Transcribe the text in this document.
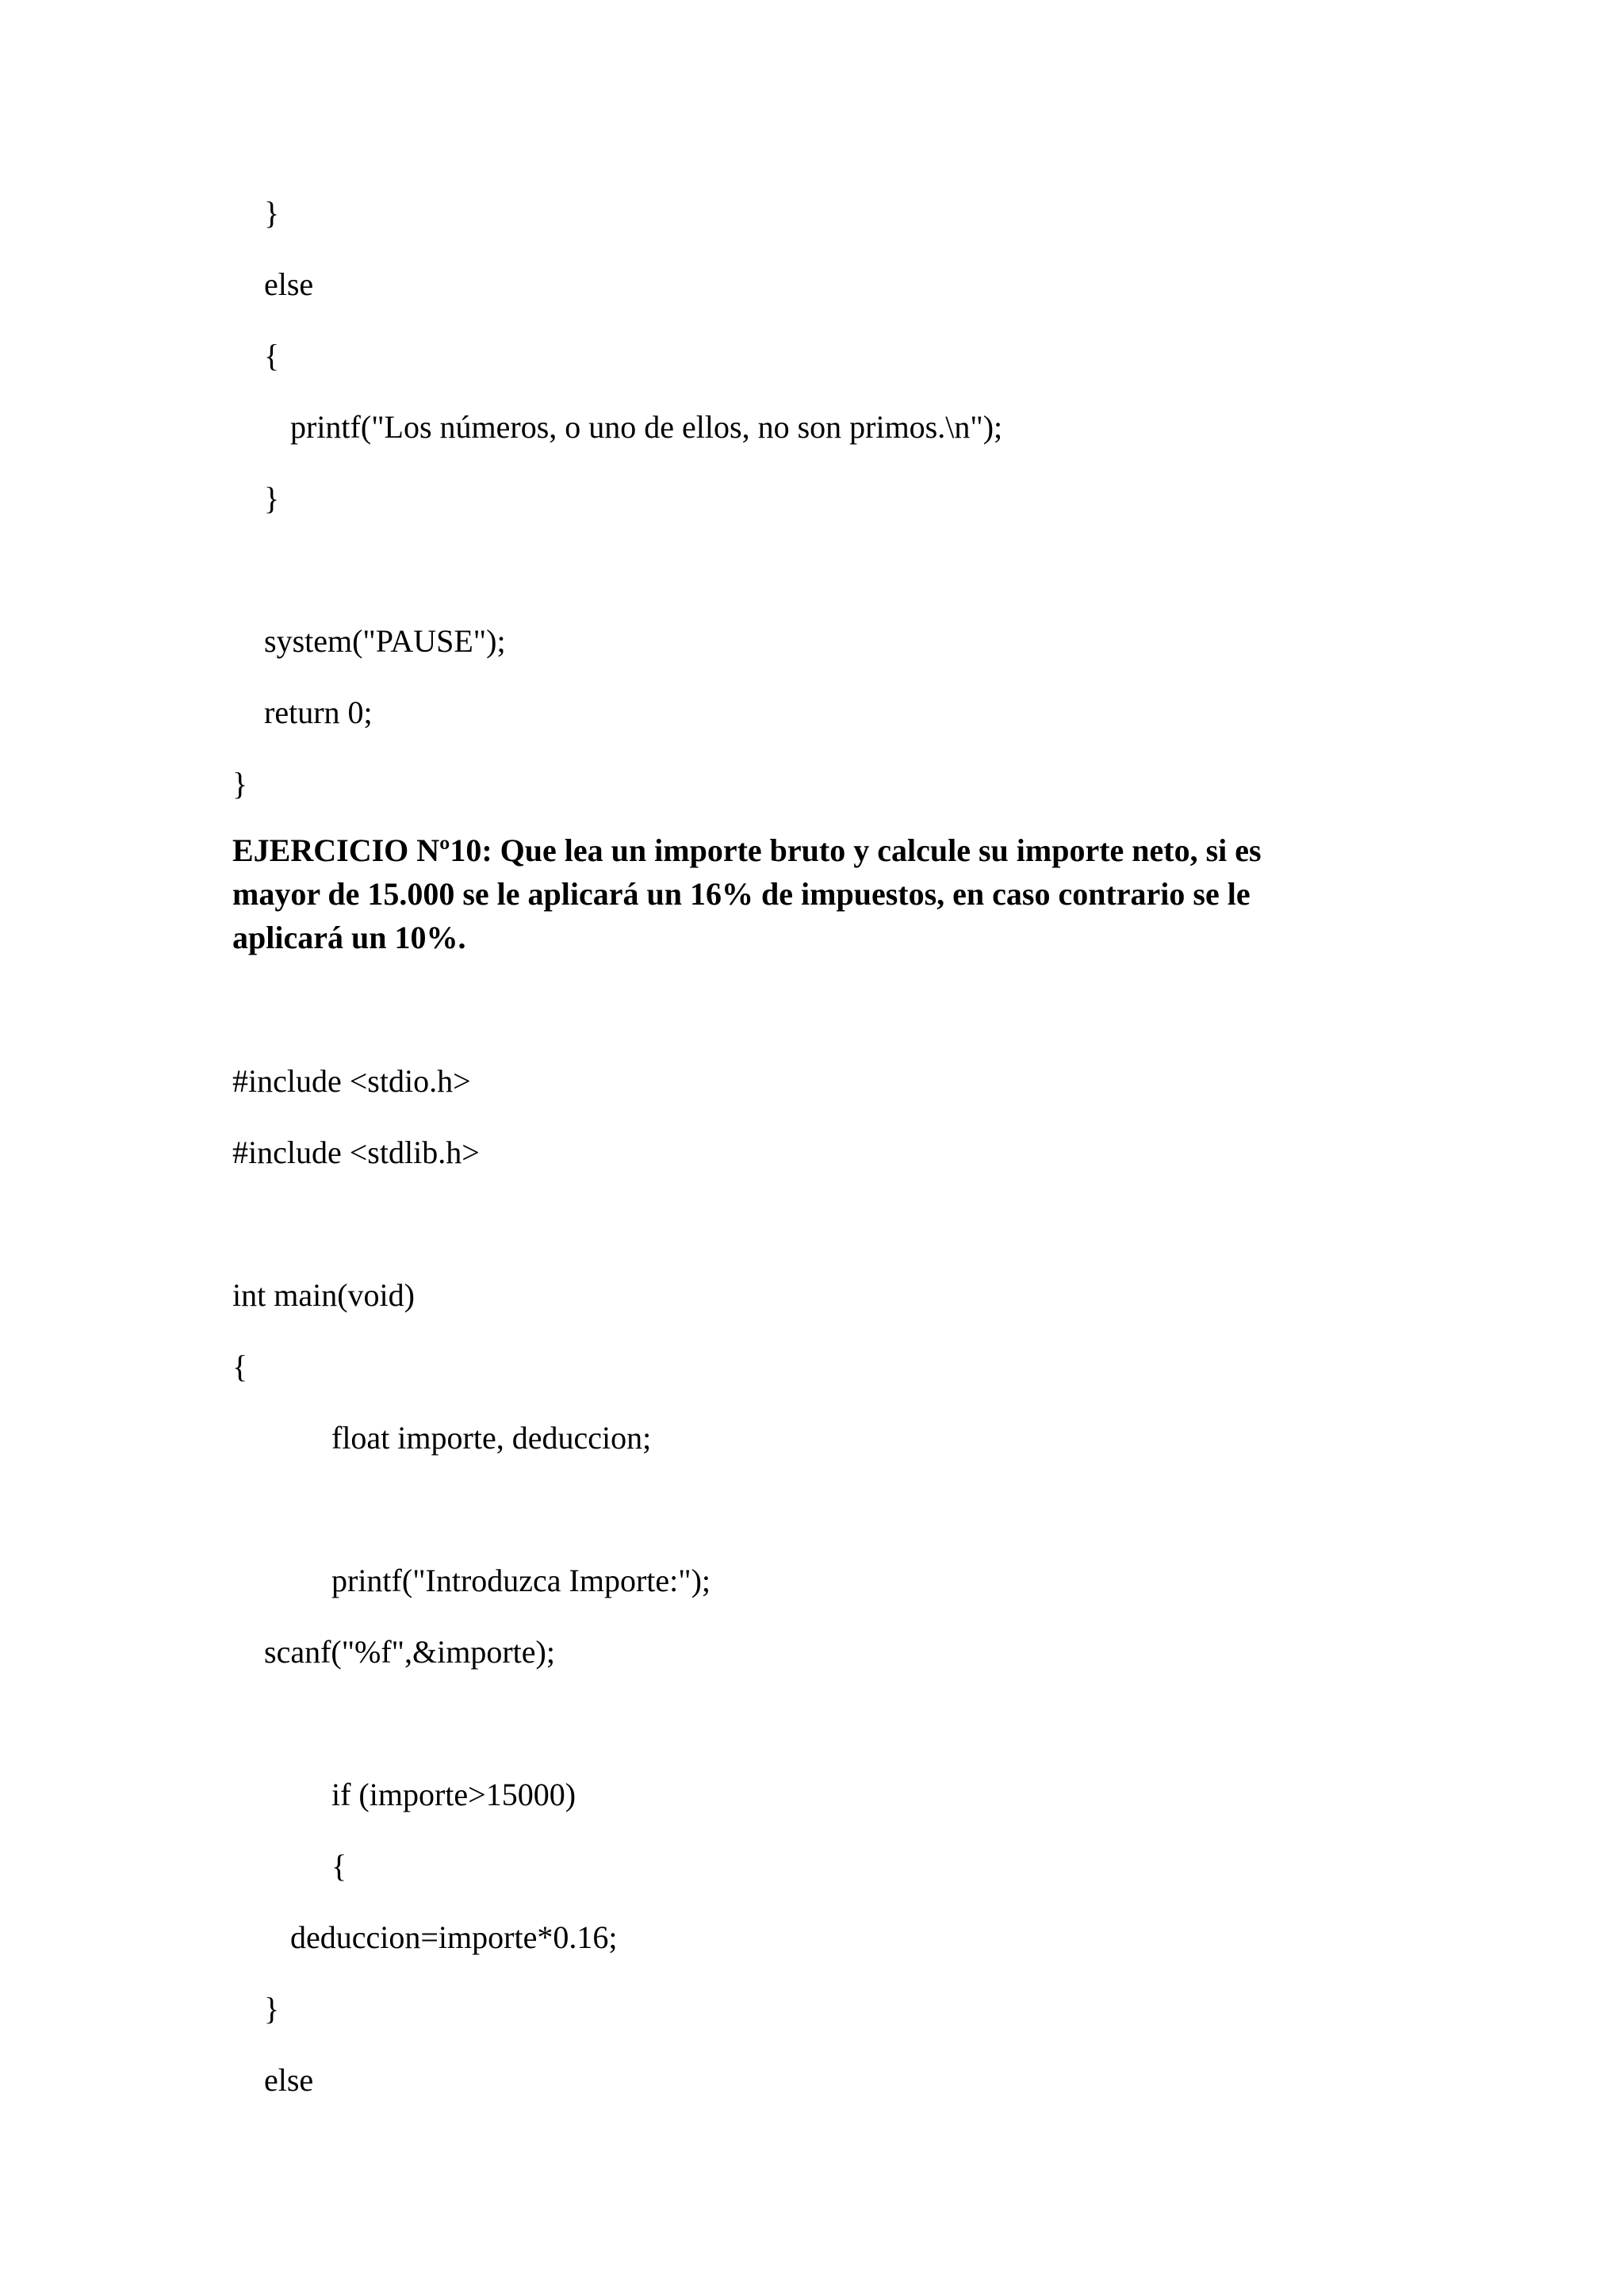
}

else

{

printf("Los números, o uno de ellos, no son primos.\n");

}

system("PAUSE");

return 0;

}

EJERCICIO Nº10: Que lea un importe bruto y calcule su importe neto, si es mayor de 15.000 se le aplicará un 16% de impuestos, en caso contrario se le aplicará un 10%.

#include <stdio.h>

#include <stdlib.h>

int main(void)

{

float importe, deduccion;

printf("Introduzca Importe:");

scanf("%f",&importe);

if (importe>15000)

{

deduccion=importe*0.16;

}

else
